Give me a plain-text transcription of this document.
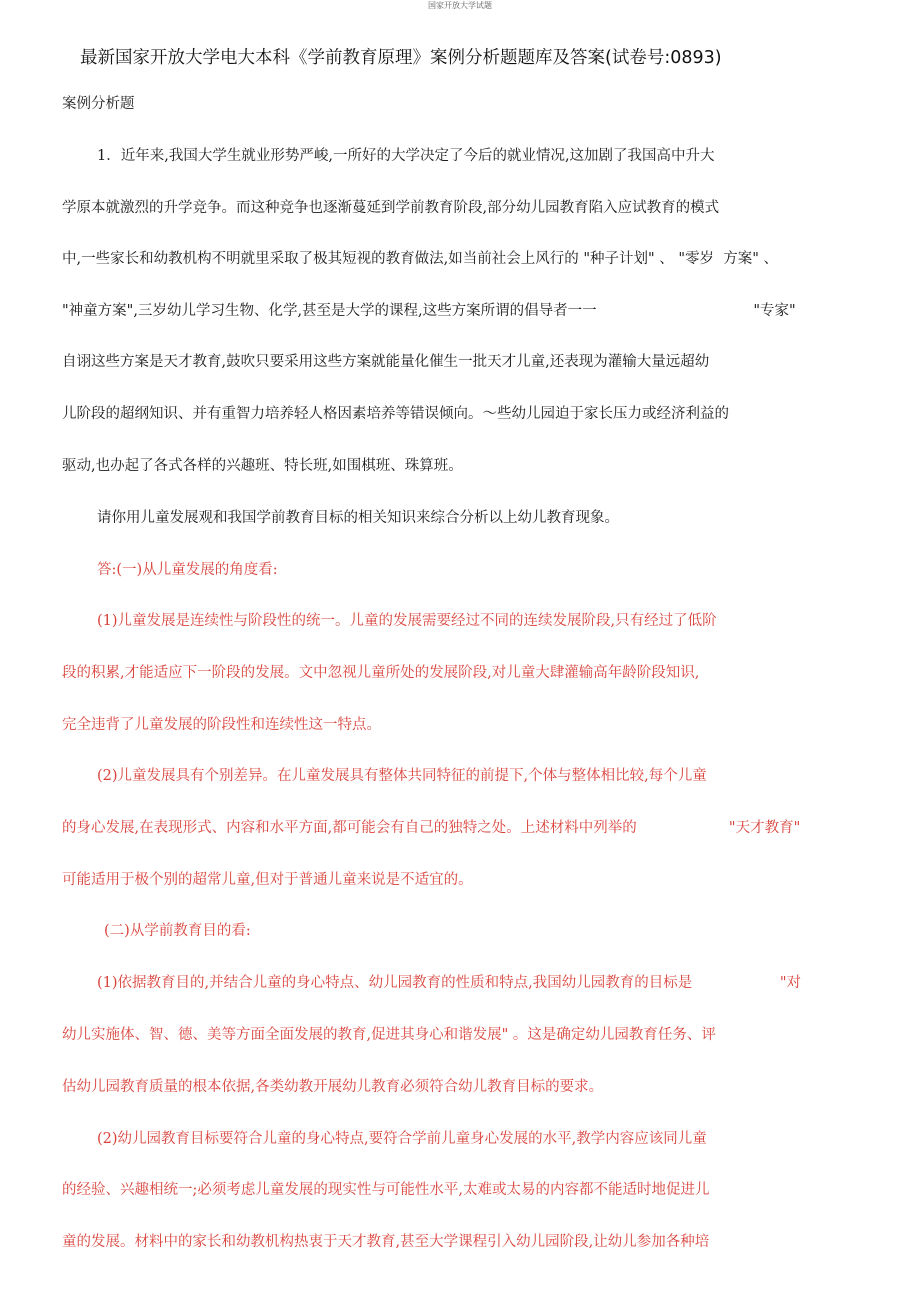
国家开放大学试题
最新国家开放大学电大本科《学前教育原理》案例分析题题库及答案(试卷号:0893)
案例分析题
1．近年来,我国大学生就业形势严峻,一所好的大学决定了今后的就业情况,这加剧了我国高中升大
学原本就激烈的升学竞争。而这种竞争也逐渐蔓延到学前教育阶段,部分幼儿园教育陷入应试教育的模式
中,一些家长和幼教机构不明就里采取了极其短视的教育做法,如当前社会上风行的 "种子计划" 、 "零岁  方案" 、
"神童方案",三岁幼儿学习生物、化学,甚至是大学的课程,这些方案所谓的倡导者一一                                  "专家"
自诩这些方案是天才教育,鼓吹只要采用这些方案就能量化催生一批天才儿童,还表现为灌输大量远超幼
儿阶段的超纲知识、并有重智力培养轻人格因素培养等错误倾向。〜些幼儿园迫于家长压力或经济利益的
驱动,也办起了各式各样的兴趣班、特长班,如围棋班、珠算班。
请你用儿童发展观和我国学前教育目标的相关知识来综合分析以上幼儿教育现象。
答:(一)从儿童发展的角度看:
(1)儿童发展是连续性与阶段性的统一。儿童的发展需要经过不同的连续发展阶段,只有经过了低阶
段的积累,才能适应下一阶段的发展。文中忽视儿童所处的发展阶段,对儿童大肆灌输高年龄阶段知识,
完全违背了儿童发展的阶段性和连续性这一特点。
(2)儿童发展具有个别差异。在儿童发展具有整体共同特征的前提下,个体与整体相比较,每个儿童
的身心发展,在表现形式、内容和水平方面,都可能会有自己的独特之处。上述材料中列举的                    "天才教育"
可能适用于极个别的超常儿童,但对于普通儿童来说是不适宜的。
(二)从学前教育目的看:
(1)依据教育目的,并结合儿童的身心特点、幼儿园教育的性质和特点,我国幼儿园教育的目标是                   "对
幼儿实施体、智、德、美等方面全面发展的教育,促进其身心和谐发展" 。这是确定幼儿园教育任务、评
估幼儿园教育质量的根本依据,各类幼教开展幼儿教育必须符合幼儿教育目标的要求。
(2)幼儿园教育目标要符合儿童的身心特点,要符合学前儿童身心发展的水平,教学内容应该同儿童
的经验、兴趣相统一;必须考虑儿童发展的现实性与可能性水平,太难或太易的内容都不能适时地促进儿
童的发展。材料中的家长和幼教机构热衷于天才教育,甚至大学课程引入幼儿园阶段,让幼儿参加各种培
